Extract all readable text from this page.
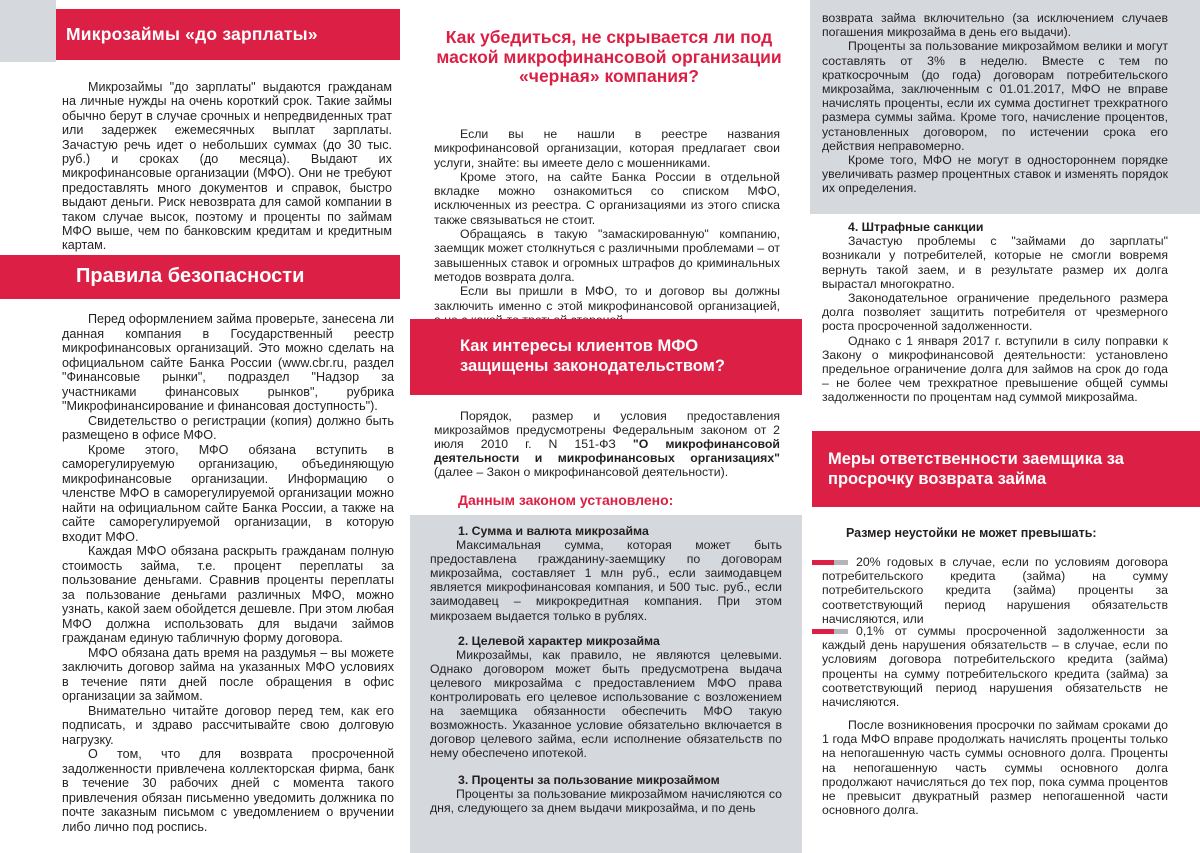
Микрозаймы «до зарплаты»

Микрозаймы "до зарплаты" выдаются гражданам на личные нужды на очень короткий срок. Такие займы обычно берут в случае срочных и непредвиденных трат или задержек ежемесячных выплат зарплаты. Зачастую речь идет о небольших суммах (до 30 тыс. руб.) и сроках (до месяца). Выдают их микрофинансовые организации (МФО). Они не требуют предоставлять много документов и справок, быстро выдают деньги. Риск невозврата для самой компании в таком случае высок, поэтому и проценты по займам МФО выше, чем по банковским кредитам и кредитным картам.

Правила безопасности

Перед оформлением займа проверьте, занесена ли данная компания в Государственный реестр микрофинансовых организаций. Это можно сделать на официальном сайте Банка России (www.cbr.ru, раздел "Финансовые рынки", подраздел "Надзор за участниками финансовых рынков", рубрика "Микрофинансирование и финансовая доступность").

Свидетельство о регистрации (копия) должно быть размещено в офисе МФО.

Кроме этого, МФО обязана вступить в саморегулируемую организацию, объединяющую микрофинансовые организации. Информацию о членстве МФО в саморегулируемой организации можно найти на официальном сайте Банка России, а также на сайте саморегулируемой организации, в которую входит МФО.

Каждая МФО обязана раскрыть гражданам полную стоимость займа, т.е. процент переплаты за пользование деньгами. Сравнив проценты переплаты за пользование деньгами различных МФО, можно узнать, какой заем обойдется дешевле. При этом любая МФО должна использовать для выдачи займов гражданам единую табличную форму договора.

МФО обязана дать время на раздумья – вы можете заключить договор займа на указанных МФО условиях в течение пяти дней после обращения в офис организации за займом.

Внимательно читайте договор перед тем, как его подписать, и здраво рассчитывайте свою долговую нагрузку.

О том, что для возврата просроченной задолженности привлечена коллекторская фирма, банк в течение 30 рабочих дней с момента такого привлечения обязан письменно уведомить должника по почте заказным письмом с уведомлением о вручении либо лично под роспись.

Как убедиться, не скрывается ли под маской микрофинансовой организации «черная» компания?

Если вы не нашли в реестре названия микрофинансовой организации, которая предлагает свои услуги, знайте: вы имеете дело с мошенниками.

Кроме этого, на сайте Банка России в отдельной вкладке можно ознакомиться со списком МФО, исключенных из реестра. С организациями из этого списка также связываться не стоит.

Обращаясь в такую "замаскированную" компанию, заемщик может столкнуться с различными проблемами – от завышенных ставок и огромных штрафов до криминальных методов возврата долга.

Если вы пришли в МФО, то и договор вы должны заключить именно с этой микрофинансовой организацией,

Как интересы клиентов МФО защищены законодательством?

Порядок, размер и условия предоставления микрозаймов предусмотрены Федеральным законом от 2 июля 2010 г. N 151-ФЗ "О микрофинансовой деятельности и микрофинансовых организациях" (далее – Закон о микрофинансовой деятельности).

Данным законом установлено:

1. Сумма и валюта микрозайма

Максимальная сумма, которая может быть предоставлена гражданину-заемщику по договорам микрозайма, составляет 1 млн руб., если заимодавцем является микрофинансовая компания, и 500 тыс. руб., если заимодавец – микрокредитная компания. При этом микрозаем выдается только в рублях.

2. Целевой характер микрозайма

Микрозаймы, как правило, не являются целевыми. Однако договором может быть предусмотрена выдача целевого микрозайма с предоставлением МФО права контролировать его целевое использование с возложением на заемщика обязанности обеспечить МФО такую возможность. Указанное условие обязательно включается в договор целевого займа, если исполнение обязательств по нему обеспечено ипотекой.

3. Проценты за пользование микрозаймом

Проценты за пользование микрозаймом начисляются со дня, следующего за днем выдачи микрозайма, и по день

возврата займа включительно (за исключением случаев погашения микрозайма в день его выдачи).

Проценты за пользование микрозаймом велики и могут составлять от 3% в неделю. Вместе с тем по краткосрочным (до года) договорам потребительского микрозайма, заключенным с 01.01.2017, МФО не вправе начислять проценты, если их сумма достигнет трехкратного размера суммы займа. Кроме того, начисление процентов, установленных договором, по истечении срока его действия неправомерно.

Кроме того, МФО не могут в одностороннем порядке увеличивать размер процентных ставок и изменять порядок их определения.

4. Штрафные санкции

Зачастую проблемы с "займами до зарплаты" возникали у потребителей, которые не смогли вовремя вернуть такой заем, и в результате размер их долга вырастал многократно.

Законодательное ограничение предельного размера долга позволяет защитить потребителя от чрезмерного роста просроченной задолженности.

Однако с 1 января 2017 г. вступили в силу поправки к Закону о микрофинансовой деятельности: установлено предельное ограничение долга для займов на срок до года – не более чем трехкратное превышение общей суммы задолженности по процентам над суммой микрозайма.

Меры ответственности заемщика за просрочку возврата займа
Размер неустойки не может превышать:
20% годовых в случае, если по условиям договора потребительского кредита (займа) на сумму потребительского кредита (займа) проценты за соответствующий период нарушения обязательств начисляются, или
0,1% от суммы просроченной задолженности за каждый день нарушения обязательств – в случае, если по условиям договора потребительского кредита (займа) проценты на сумму потребительского кредита (займа) за соответствующий период нарушения обязательств не начисляются.

После возникновения просрочки по займам сроками до 1 года МФО вправе продолжать начислять проценты только на непогашенную часть суммы основного долга. Проценты на непогашенную часть суммы основного долга продолжают начисляться до тех пор, пока сумма процентов не превысит двукратный размер непогашенной части основного долга.
